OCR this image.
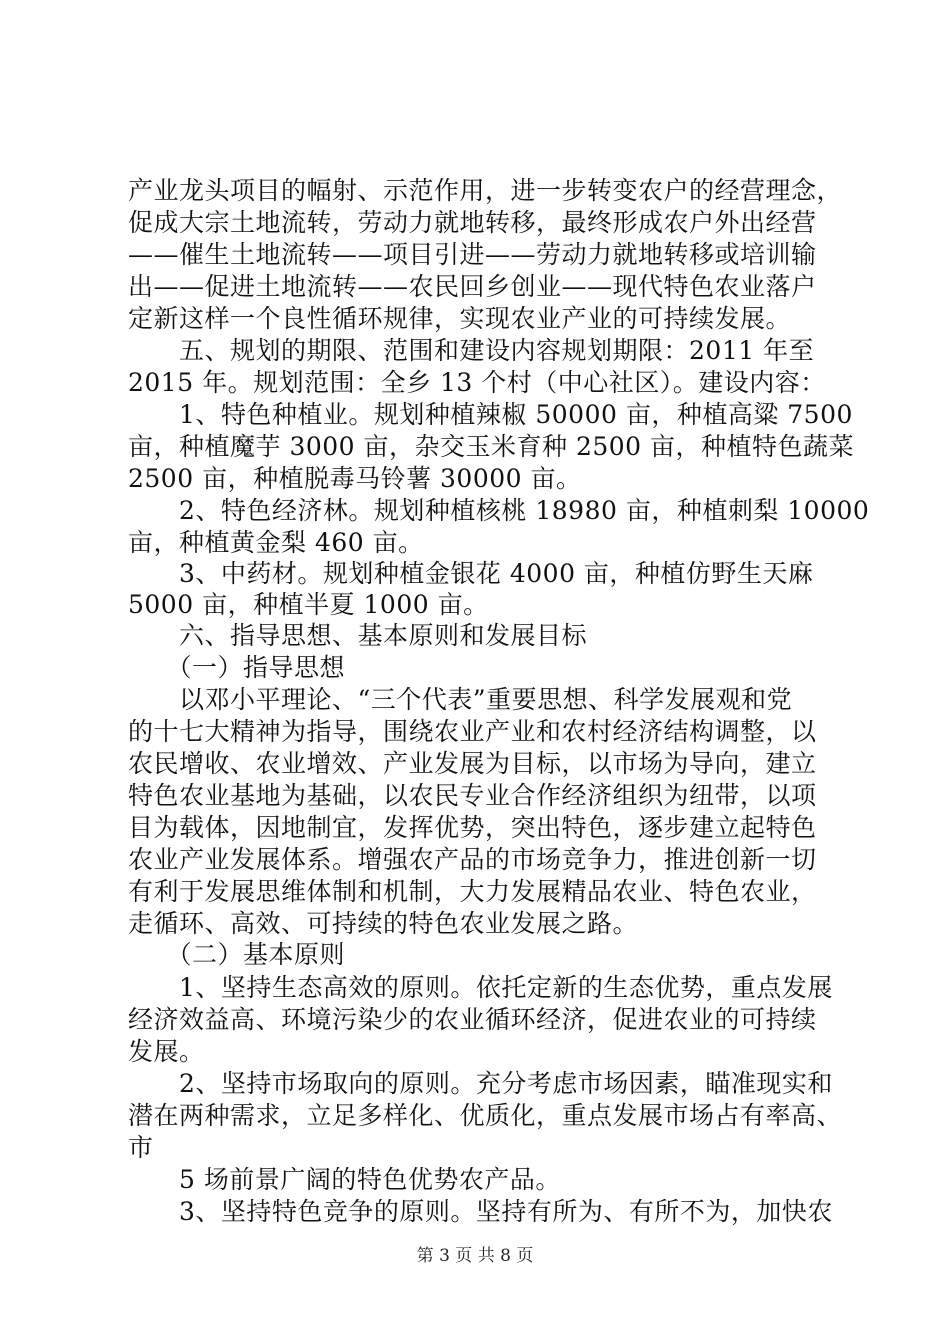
产业龙头项目的幅射、示范作用，进一步转变农户的经营理念，
促成大宗土地流转，劳动力就地转移，最终形成农户外出经营
——催生土地流转——项目引进——劳动力就地转移或培训输
出——促进土地流转——农民回乡创业——现代特色农业落户
定新这样一个良性循环规律，实现农业产业的可持续发展。
　　五、规划的期限、范围和建设内容规划期限：2011 年至
2015 年。规划范围：全乡 13 个村（中心社区）。建设内容：
　　1、特色种植业。规划种植辣椒 50000 亩，种植高粱 7500
亩，种植魔芋 3000 亩，杂交玉米育种 2500 亩，种植特色蔬菜
2500 亩，种植脱毒马铃薯 30000 亩。
　　2、特色经济林。规划种植核桃 18980 亩，种植刺梨 10000
亩，种植黄金梨 460 亩。
　　3、中药材。规划种植金银花 4000 亩，种植仿野生天麻
5000 亩，种植半夏 1000 亩。
　　六、指导思想、基本原则和发展目标
　　（一）指导思想
　　以邓小平理论、“三个代表”重要思想、科学发展观和党
的十七大精神为指导，围绕农业产业和农村经济结构调整，以
农民增收、农业增效、产业发展为目标，以市场为导向，建立
特色农业基地为基础，以农民专业合作经济组织为纽带，以项
目为载体，因地制宜，发挥优势，突出特色，逐步建立起特色
农业产业发展体系。增强农产品的市场竞争力，推进创新一切
有利于发展思维体制和机制，大力发展精品农业、特色农业，
走循环、高效、可持续的特色农业发展之路。
　　（二）基本原则
　　1、坚持生态高效的原则。依托定新的生态优势，重点发展
经济效益高、环境污染少的农业循环经济，促进农业的可持续
发展。
　　2、坚持市场取向的原则。充分考虑市场因素，瞄准现实和
潜在两种需求，立足多样化、优质化，重点发展市场占有率高、
市
　　5 场前景广阔的特色优势农产品。
　　3、坚持特色竞争的原则。坚持有所为、有所不为，加快农
第 3 页 共 8 页
